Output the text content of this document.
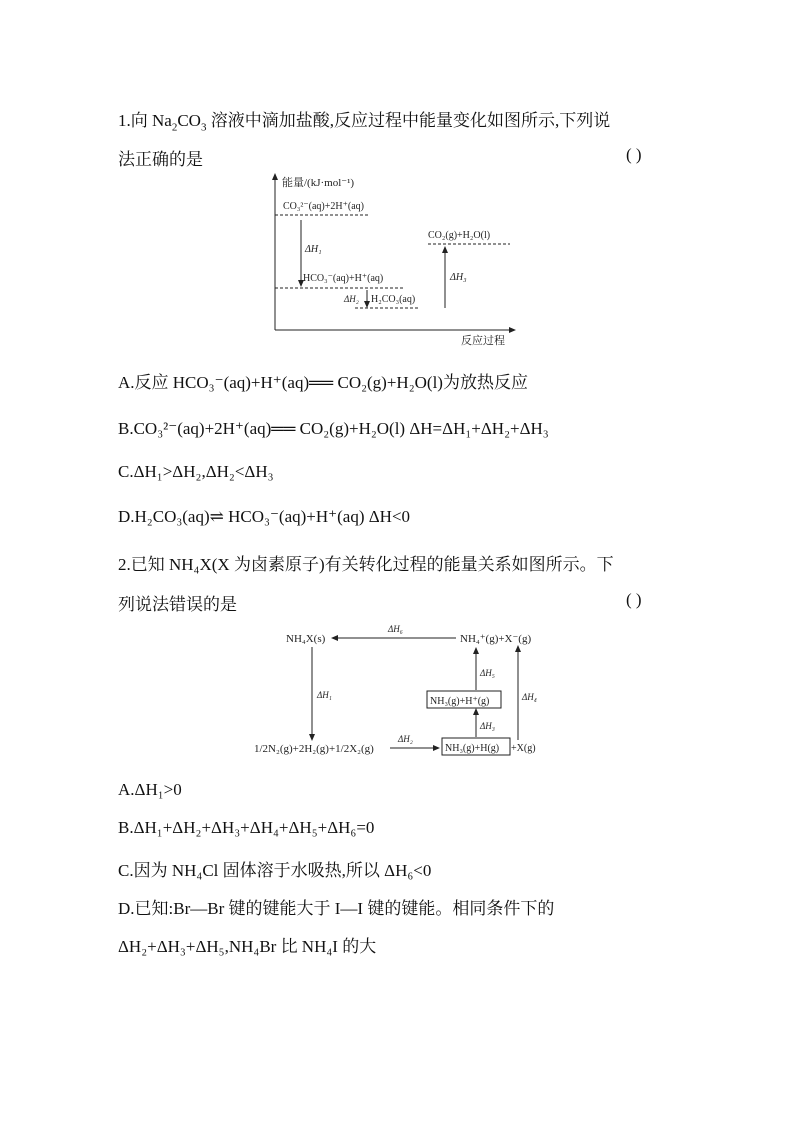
1.向 $Na_2CO_3$ 溶液中滴加盐酸,反应过程中能量变化如图所示,下列说
法正确的是	( )
能量/(kJ·mol⁻¹)
反应过程
CO₃²⁻(aq)+2H⁺(aq)
HCO₃⁻(aq)+H⁺(aq)
H₂CO₃(aq)
CO₂(g)+H₂O(l)
ΔH₁
ΔH₂
ΔH₃
A.反应 HCO₃⁻(aq)+H⁺(aq)══ CO₂(g)+H₂O(l)为放热反应
B.CO₃²⁻(aq)+2H⁺(aq)══ CO₂(g)+H₂O(l) ΔH=ΔH₁+ΔH₂+ΔH₃
C.ΔH₁>ΔH₂,ΔH₂<ΔH₃
D.H₂CO₃(aq)⇌ HCO₃⁻(aq)+H⁺(aq) ΔH<0
2.已知 NH₄X(X 为卤素原子)有关转化过程的能量关系如图所示。下
列说法错误的是	( )
NH₄X(s)	NH₄⁺(g)+X⁻(g)
ΔH₆
ΔH₁
1/2N₂(g)+2H₂(g)+1/2X₂(g)
ΔH₂
NH₃(g)+H(g) +X(g)
ΔH₃
NH₃(g)+H⁺(g)
ΔH₅
ΔH₄
A.ΔH₁>0
B.ΔH₁+ΔH₂+ΔH₃+ΔH₄+ΔH₅+ΔH₆=0
C.因为 NH₄Cl 固体溶于水吸热,所以 ΔH₆<0
D.已知:Br—Br 键的键能大于 I—I 键的键能。相同条件下的
ΔH₂+ΔH₃+ΔH₅,NH₄Br 比 NH₄I 的大
